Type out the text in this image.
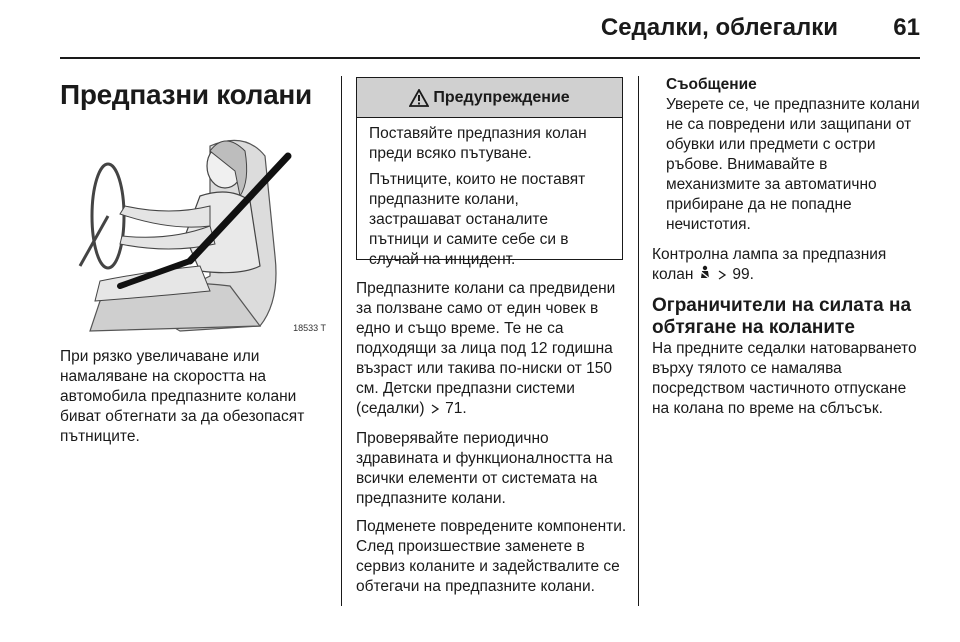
Седалки, облегалки 61
Предпазни колани
18533 T

При рязко увеличаване или намаляване на скоростта на автомобила предпазните колани биват обтегнати за да обезопасят пътниците.

Предупреждение

Поставяйте предпазния колан преди всяко пътуване.

Пътниците, които не поставят предпазните колани, застрашават останалите пътници и самите себе си в случай на инцидент.

Предпазните колани са предвидени за ползване само от един човек в едно и също време. Те не са подходящи за лица под 12 годишна възраст или такива по-ниски от 150 см. Детски предпазни системи (седалки) 71.

Проверявайте периодично здравината и функционалността на всички елементи от системата на предпазните колани.

Подменете повредените компоненти. След произшествие заменете в сервиз коланите и задействалите се обтегачи на предпазните колани.

Съобщение
Уверете се, че предпазните колани не са повредени или защипани от обувки или предмети с остри ръбове. Внимавайте в механизмите за автоматично прибиране да не попадне нечистотия.

Контролна лампа за предпазния колан	99.

Ограничители на силата на обтягане на коланите

На предните седалки натоварването върху тялото се намалява посредством частичното отпускане на колана по време на сблъсък.
